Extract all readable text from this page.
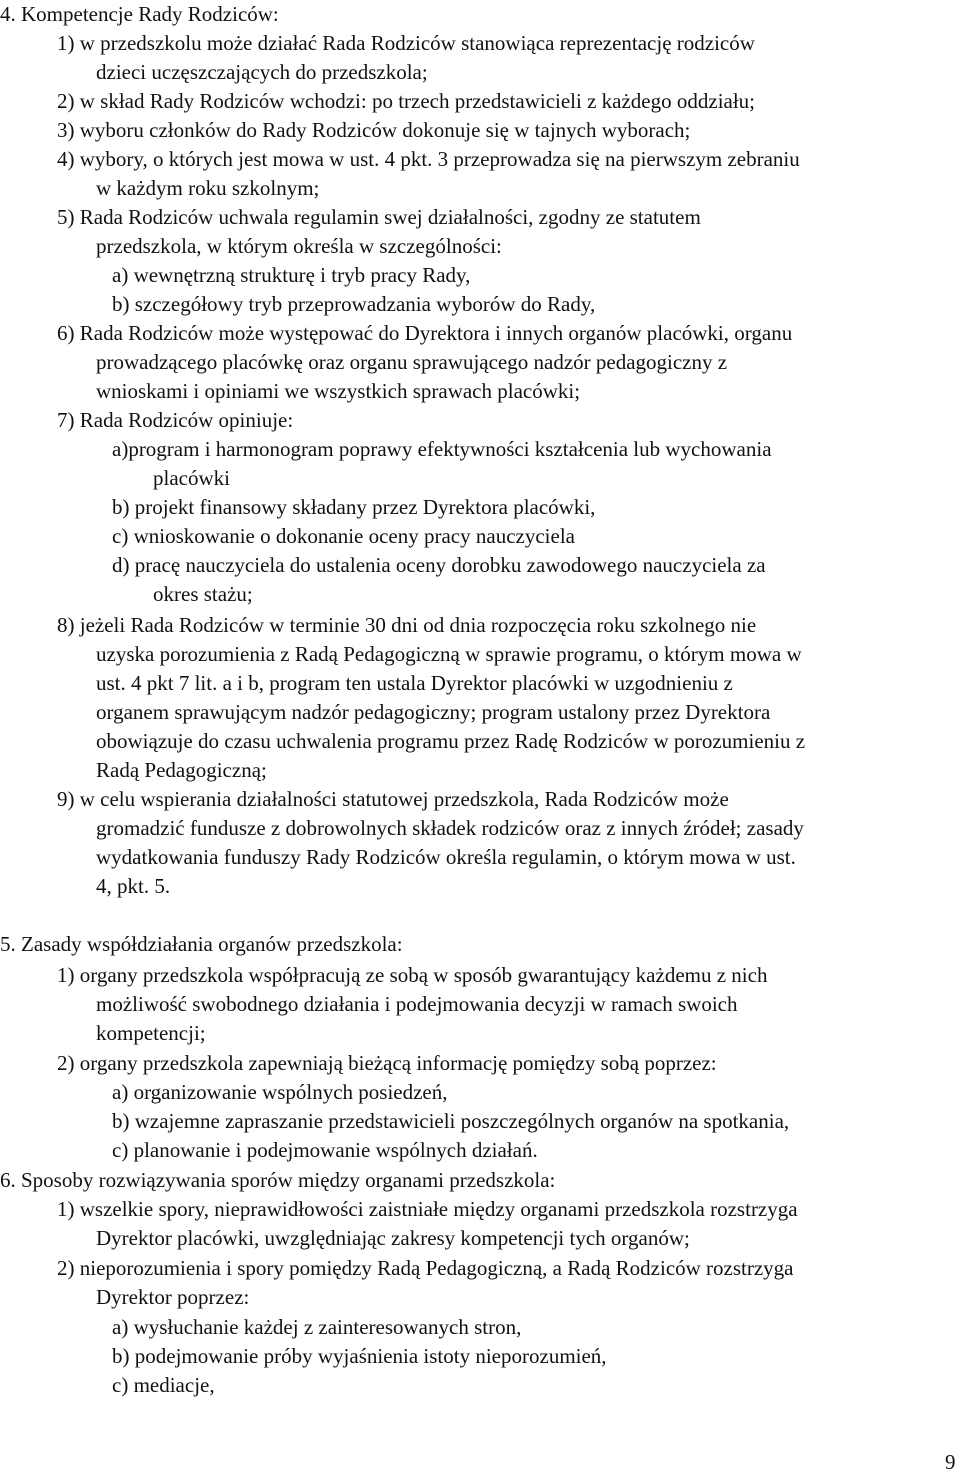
4. Kompetencje Rady Rodziców:

1) w przedszkolu może działać Rada Rodziców stanowiąca reprezentację rodziców

dzieci uczęszczających do przedszkola;

2) w skład Rady Rodziców wchodzi: po trzech przedstawicieli z każdego oddziału;

3) wyboru członków do Rady Rodziców dokonuje się w tajnych wyborach;

4) wybory, o których jest mowa w ust. 4 pkt. 3 przeprowadza się na pierwszym zebraniu

w każdym roku szkolnym;

5) Rada Rodziców uchwala regulamin swej działalności, zgodny ze statutem

przedszkola, w którym określa w szczególności:

a) wewnętrzną strukturę i tryb pracy Rady,

b) szczegółowy tryb przeprowadzania wyborów do Rady,

6) Rada Rodziców może występować do Dyrektora i innych organów placówki, organu

prowadzącego placówkę oraz organu sprawującego nadzór pedagogiczny z

wnioskami i opiniami we wszystkich sprawach placówki;

7) Rada Rodziców opiniuje:

a)program i harmonogram poprawy efektywności kształcenia lub wychowania

placówki

b) projekt finansowy składany przez Dyrektora placówki,

c) wnioskowanie o dokonanie oceny pracy nauczyciela

d) pracę nauczyciela do ustalenia oceny dorobku zawodowego nauczyciela za

okres stażu;

8) jeżeli Rada Rodziców w terminie 30 dni od dnia rozpoczęcia roku szkolnego nie

uzyska porozumienia z Radą Pedagogiczną w sprawie programu, o którym mowa w

ust. 4 pkt 7 lit. a i b, program ten ustala Dyrektor placówki w uzgodnieniu z

organem sprawującym nadzór pedagogiczny; program ustalony przez Dyrektora

obowiązuje do czasu uchwalenia programu przez Radę Rodziców w porozumieniu z

Radą Pedagogiczną;

9) w celu wspierania działalności statutowej przedszkola, Rada Rodziców może

gromadzić fundusze z dobrowolnych składek rodziców oraz z innych źródeł; zasady

wydatkowania funduszy Rady Rodziców określa regulamin, o którym mowa w ust.

4, pkt. 5.

5. Zasady współdziałania organów przedszkola:

1) organy przedszkola współpracują ze sobą w sposób gwarantujący każdemu z nich

możliwość swobodnego działania i podejmowania decyzji w ramach swoich

kompetencji;

2) organy przedszkola zapewniają bieżącą informację pomiędzy sobą poprzez:

a) organizowanie wspólnych posiedzeń,

b) wzajemne zapraszanie przedstawicieli poszczególnych organów na spotkania,

c) planowanie i podejmowanie wspólnych działań.

6. Sposoby rozwiązywania sporów między organami przedszkola:

1) wszelkie spory, nieprawidłowości zaistniałe między organami przedszkola rozstrzyga

Dyrektor placówki, uwzględniając zakresy kompetencji tych organów;

2) nieporozumienia i spory pomiędzy Radą Pedagogiczną, a Radą Rodziców rozstrzyga

Dyrektor poprzez:

a) wysłuchanie każdej z zainteresowanych stron,

b) podejmowanie próby wyjaśnienia istoty nieporozumień,

c) mediacje,

9
